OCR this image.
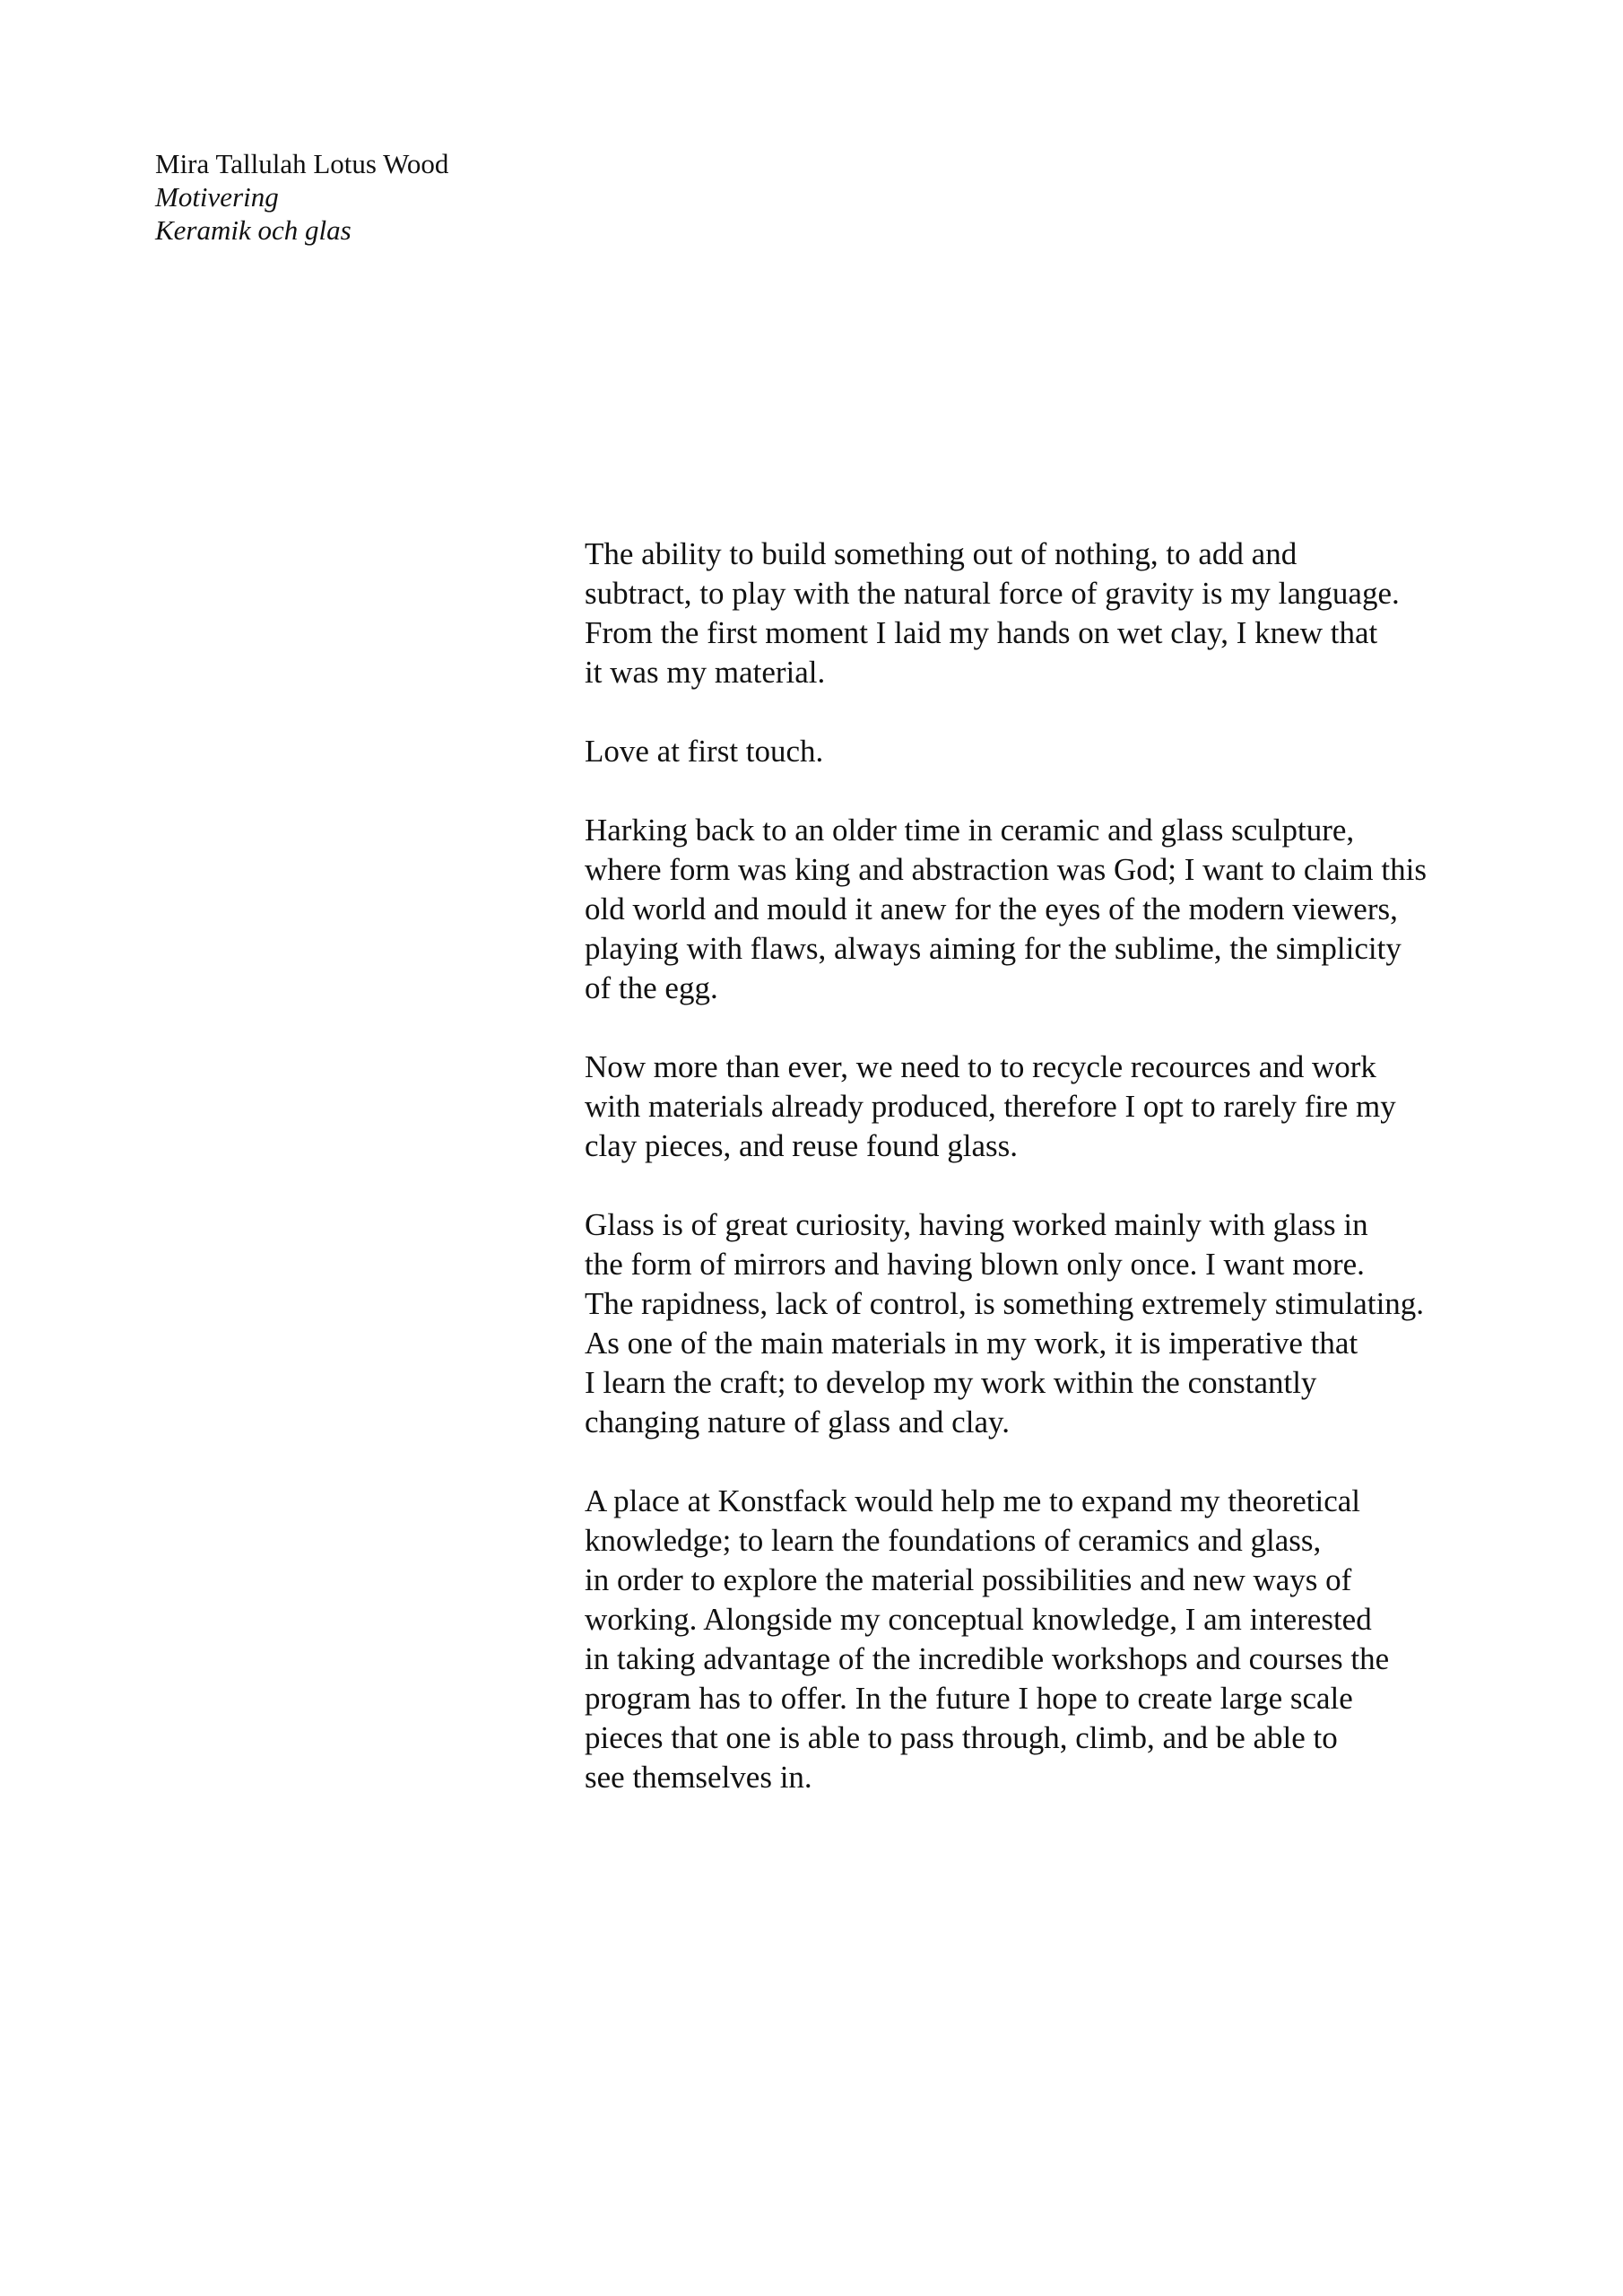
Mira Tallulah Lotus Wood
Motivering
Keramik och glas

The ability to build something out of nothing, to add and
subtract, to play with the natural force of gravity is my language.
From the first moment I laid my hands on wet clay, I knew that
it was my material.

Love at first touch.

Harking back to an older time in ceramic and glass sculpture,
where form was king and abstraction was God; I want to claim this
old world and mould it anew for the eyes of the modern viewers,
playing with flaws, always aiming for the sublime, the simplicity
of the egg.

Now more than ever, we need to to recycle recources and work
with materials already produced, therefore I opt to rarely fire my
clay pieces, and reuse found glass.

Glass is of great curiosity, having worked mainly with glass in
the form of mirrors and having blown only once. I want more.
The rapidness, lack of control, is something extremely stimulating.
As one of the main materials in my work, it is imperative that
I learn the craft; to develop my work within the constantly
changing nature of glass and clay.

A place at Konstfack would help me to expand my theoretical
knowledge; to learn the foundations of ceramics and glass,
in order to explore the material possibilities and new ways of
working. Alongside my conceptual knowledge, I am interested
in taking advantage of the incredible workshops and courses the
program has to offer. In the future I hope to create large scale
pieces that one is able to pass through, climb, and be able to
see themselves in.
